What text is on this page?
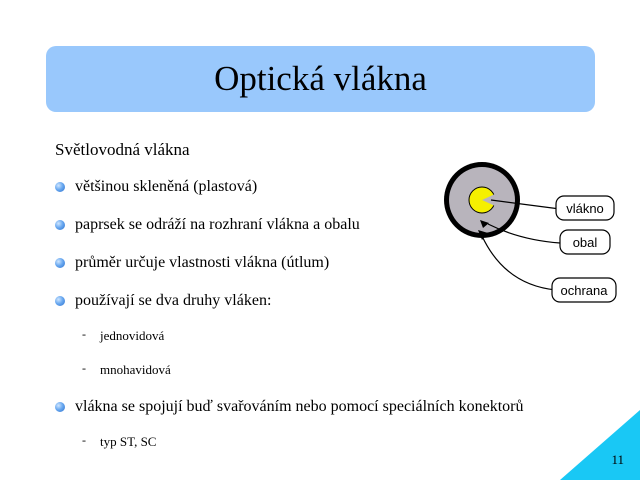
Optická vlákna
Světlovodná vlákna
většinou skleněná (plastová)
paprsek se odráží na rozhraní vlákna a obalu
průměr určuje vlastnosti vlákna (útlum)
používají se dva druhy vláken:
-	jednovidová
-	mnohavidová
vlákna se spojují buď svařováním nebo pomocí speciálních konektorů
-	typ ST, SC
vlákno
obal
ochrana
11
